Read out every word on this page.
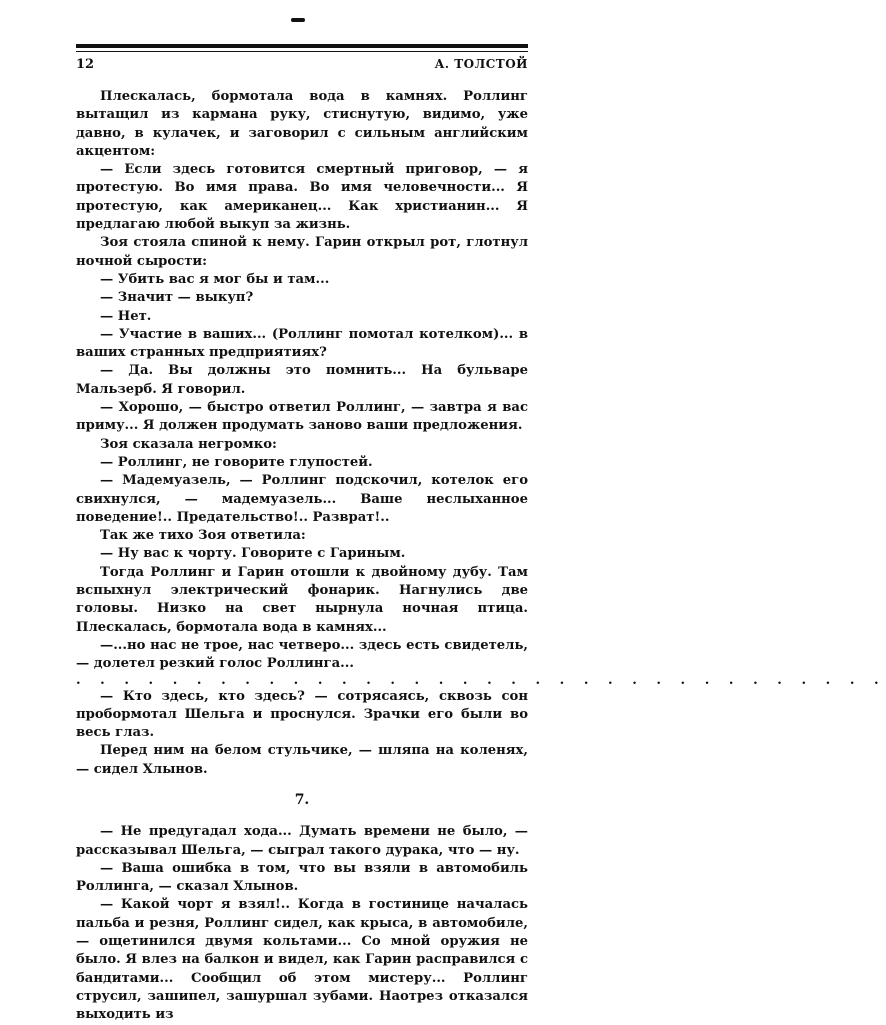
12	А. ТОЛСТОЙ

Плескалась, бормотала вода в камнях. Роллинг вытащил из кармана руку, стиснутую, видимо, уже давно, в кулачек, и заговорил с сильным английским акцентом:

— Если здесь готовится смертный приговор, — я протестую. Во имя права. Во имя человечности... Я протестую, как американец... Как христианин... Я предлагаю любой выкуп за жизнь.

Зоя стояла спиной к нему. Гарин открыл рот, глотнул ночной сырости:

— Убить вас я мог бы и там...

— Значит — выкуп?

— Нет.

— Участие в ваших... (Роллинг помотал котелком)... в ваших странных предприятиях?

— Да. Вы должны это помнить... На бульваре Мальзерб. Я говорил.

— Хорошо, — быстро ответил Роллинг, — завтра я вас приму... Я должен продумать заново ваши предложения.

Зоя сказала негромко:

— Роллинг, не говорите глупостей.

— Мадемуазель, — Роллинг подскочил, котелок его свихнулся, — мадемуазель... Ваше неслыханное поведение!.. Предательство!.. Разврат!..

Так же тихо Зоя ответила:

— Ну вас к чорту. Говорите с Гариным.

Тогда Роллинг и Гарин отошли к двойному дубу. Там вспыхнул электрический фонарик. Нагнулись две головы. Низко на свет нырнула ночная птица. Плескалась, бормотала вода в камнях...

—...но нас не трое, нас четверо... здесь есть свидетель, — долетел резкий голос Роллинга...

. . . . . . . . . . . . . . . . . . . . . . . . . . . . . . . . . .

— Кто здесь, кто здесь? — сотрясаясь, сквозь сон пробормотал Шельга и проснулся. Зрачки его были во весь глаз.

Перед ним на белом стульчике, — шляпа на коленях, — сидел Хлынов.

7.

— Не предугадал хода... Думать времени не было, — рассказывал Шельга, — сыграл такого дурака, что — ну.

— Ваша ошибка в том, что вы взяли в автомобиль Роллинга, — сказал Хлынов.

— Какой чорт я взял!.. Когда в гостинице началась пальба и резня, Роллинг сидел, как крыса, в автомобиле, — ощетинился двумя кольтами... Со мной оружия не было. Я влез на балкон и видел, как Гарин расправился с бандитами... Сообщил об этом мистеру... Роллинг струсил, зашипел, зашуршал зубами. Наотрез отказался выходить из
